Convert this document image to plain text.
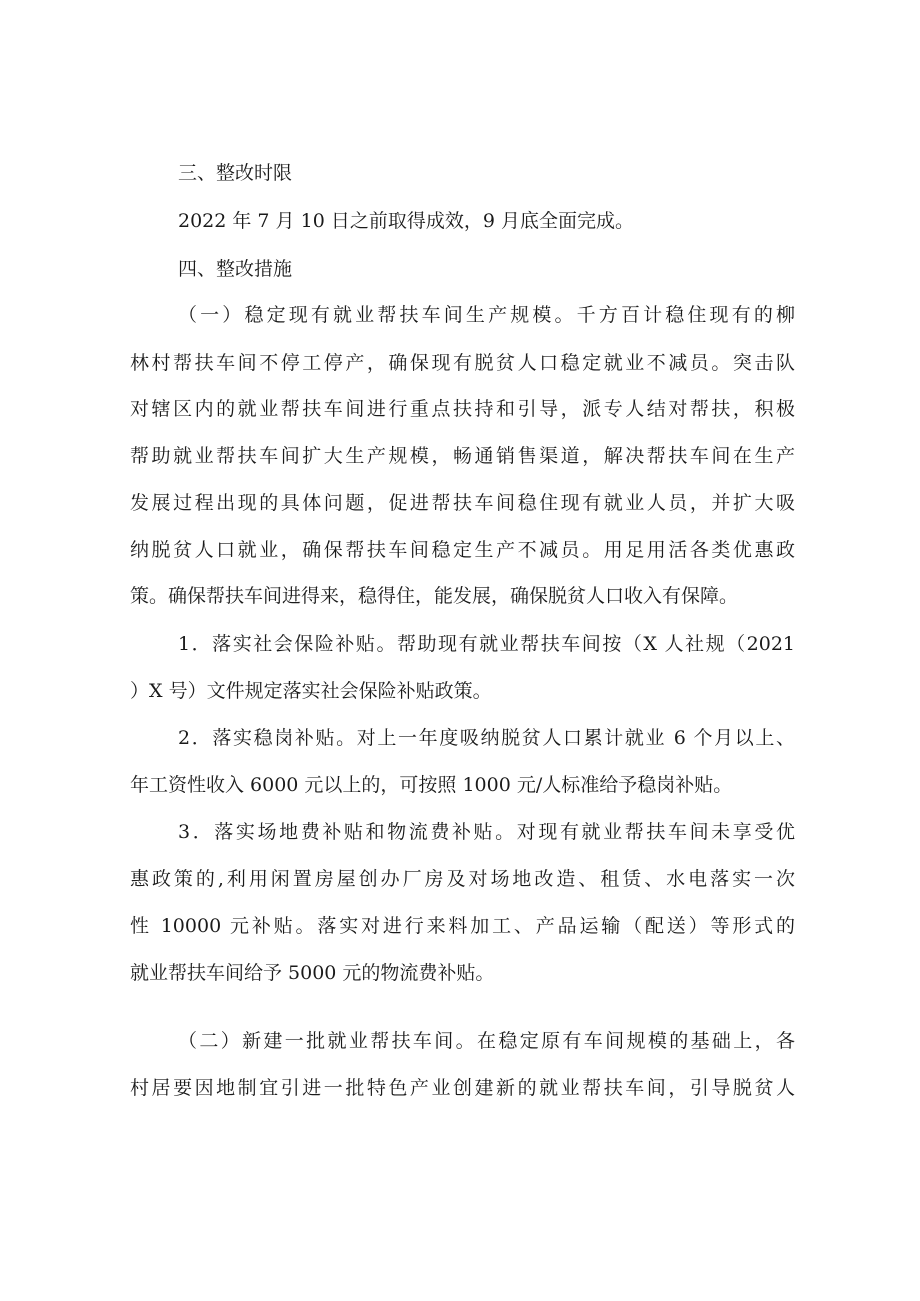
三、整改时限
2022 年 7 月 10 日之前取得成效，9 月底全面完成。
四、整改措施
（一）稳定现有就业帮扶车间生产规模。千方百计稳住现有的柳
林村帮扶车间不停工停产，确保现有脱贫人口稳定就业不减员。突击队
对辖区内的就业帮扶车间进行重点扶持和引导，派专人结对帮扶，积极
帮助就业帮扶车间扩大生产规模，畅通销售渠道，解决帮扶车间在生产
发展过程出现的具体问题，促进帮扶车间稳住现有就业人员，并扩大吸
纳脱贫人口就业，确保帮扶车间稳定生产不减员。用足用活各类优惠政
策。确保帮扶车间进得来，稳得住，能发展，确保脱贫人口收入有保障。
1．落实社会保险补贴。帮助现有就业帮扶车间按（X 人社规（2021
）X 号）文件规定落实社会保险补贴政策。
2．落实稳岗补贴。对上一年度吸纳脱贫人口累计就业 6 个月以上、
年工资性收入 6000 元以上的，可按照 1000 元/人标准给予稳岗补贴。
3．落实场地费补贴和物流费补贴。对现有就业帮扶车间未享受优
惠政策的,利用闲置房屋创办厂房及对场地改造、租赁、水电落实一次
性 10000 元补贴。落实对进行来料加工、产品运输（配送）等形式的
就业帮扶车间给予 5000 元的物流费补贴。
（二）新建一批就业帮扶车间。在稳定原有车间规模的基础上，各
村居要因地制宜引进一批特色产业创建新的就业帮扶车间，引导脱贫人
